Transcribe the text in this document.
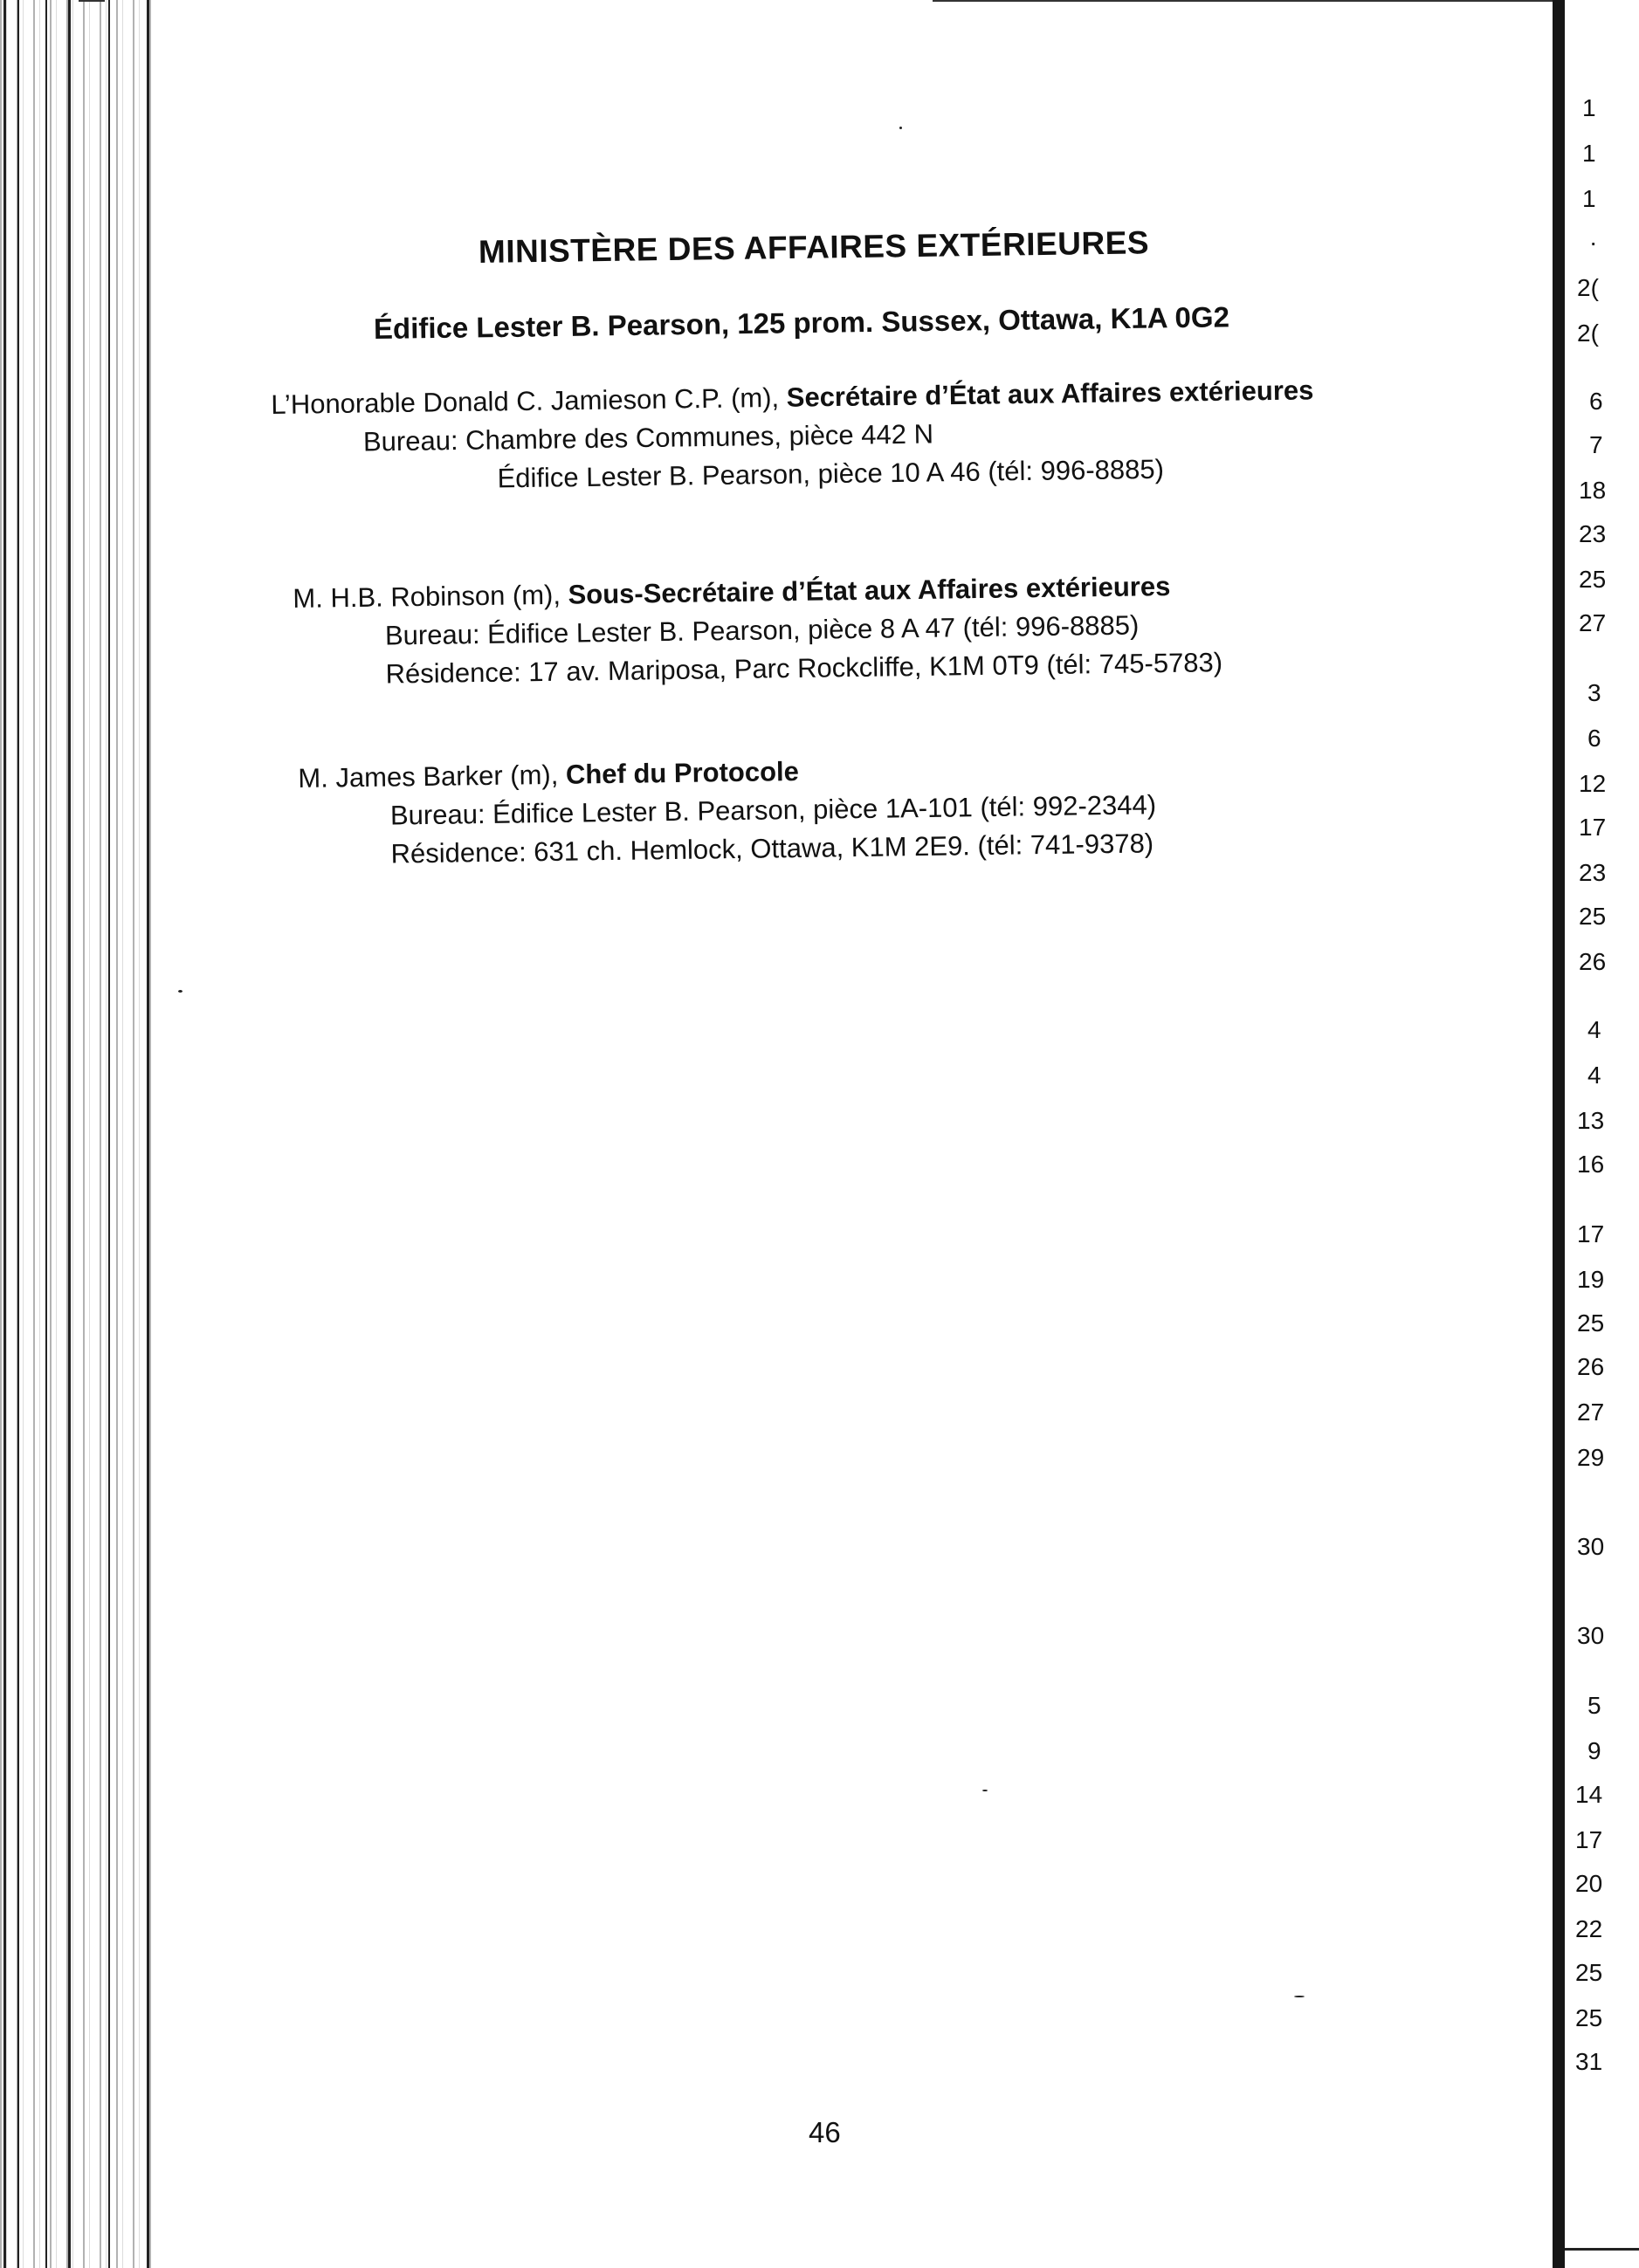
MINISTÈRE DES AFFAIRES EXTÉRIEURES
Édifice Lester B. Pearson, 125 prom. Sussex, Ottawa, K1A 0G2
L’Honorable Donald C. Jamieson C.P. (m), Secrétaire d’État aux Affaires extérieures
Bureau: Chambre des Communes, pièce 442 N
Édifice Lester B. Pearson, pièce 10 A 46 (tél: 996-8885)
M. H.B. Robinson (m), Sous-Secrétaire d’État aux Affaires extérieures
Bureau: Édifice Lester B. Pearson, pièce 8 A 47 (tél: 996-8885)
Résidence: 17 av. Mariposa, Parc Rockcliffe, K1M 0T9 (tél: 745-5783)
M. James Barker (m), Chef du Protocole
Bureau: Édifice Lester B. Pearson, pièce 1A-101 (tél: 992-2344)
Résidence: 631 ch. Hemlock, Ottawa, K1M 2E9. (tél: 741-9378)
46
1
1
1
·
2(
2(
6
7
18
23
25
27
3
6
12
17
23
25
26
4
4
13
16
17
19
25
26
27
29
30
30
5
9
14
17
20
22
25
25
31
